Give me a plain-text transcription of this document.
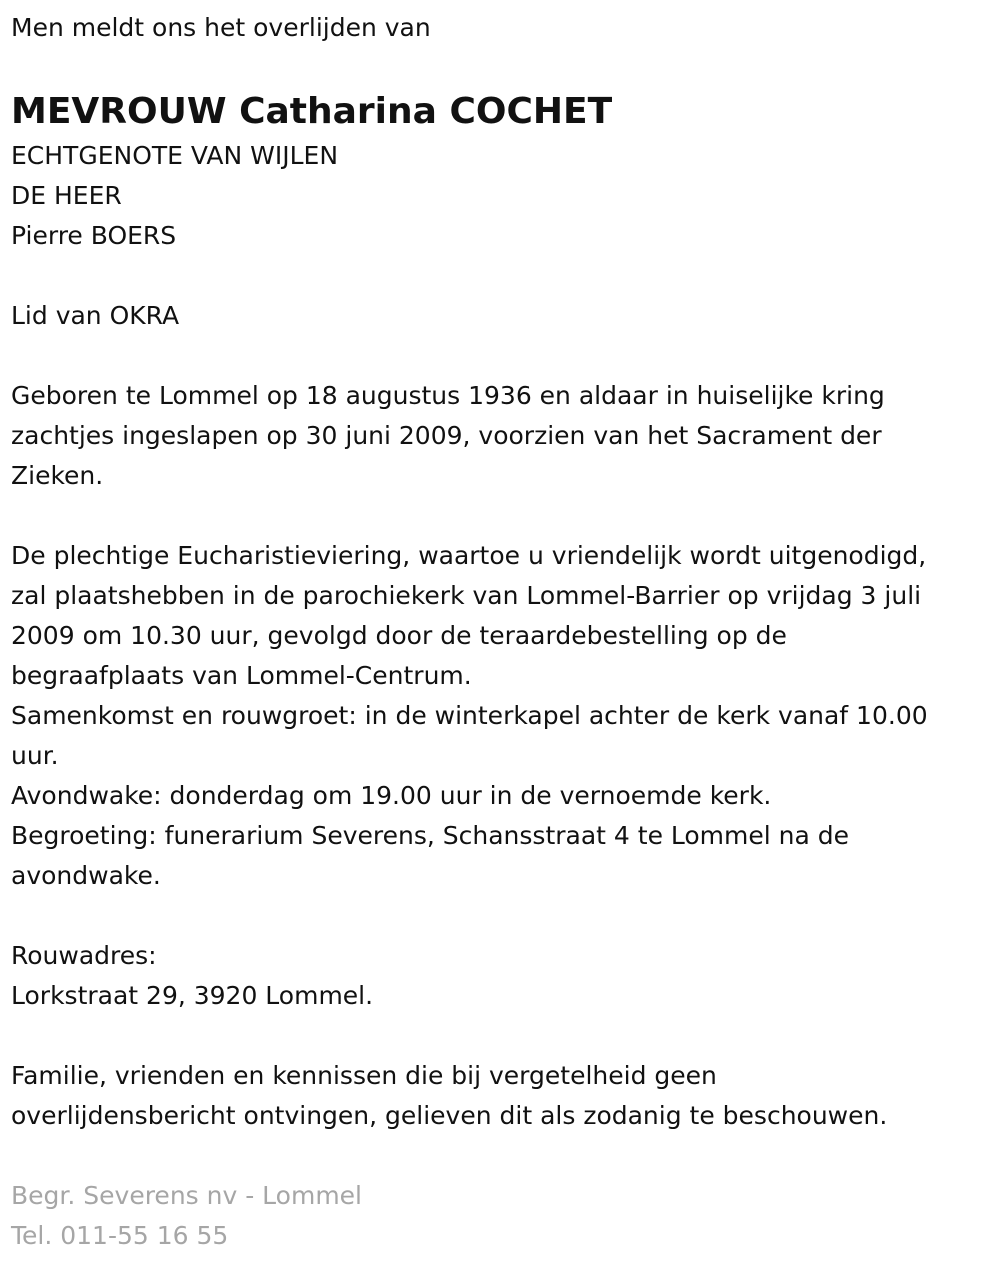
Men meldt ons het overlijden van

MEVROUW Catharina COCHET

ECHTGENOTE VAN WIJLEN

DE HEER

Pierre BOERS

Lid van OKRA

Geboren te Lommel op 18 augustus 1936 en aldaar in huiselijke kring

zachtjes ingeslapen op 30 juni 2009, voorzien van het Sacrament der

Zieken.

De plechtige Eucharistieviering, waartoe u vriendelijk wordt uitgenodigd,

zal plaatshebben in de parochiekerk van Lommel-Barrier op vrijdag 3 juli

2009 om 10.30 uur, gevolgd door de teraardebestelling op de

begraafplaats van Lommel-Centrum.

Samenkomst en rouwgroet: in de winterkapel achter de kerk vanaf 10.00

uur.

Avondwake: donderdag om 19.00 uur in de vernoemde kerk.

Begroeting: funerarium Severens, Schansstraat 4 te Lommel na de

avondwake.

Rouwadres:

Lorkstraat 29, 3920 Lommel.

Familie, vrienden en kennissen die bij vergetelheid geen

overlijdensbericht ontvingen, gelieven dit als zodanig te beschouwen.

Begr. Severens nv - Lommel

Tel. 011-55 16 55
